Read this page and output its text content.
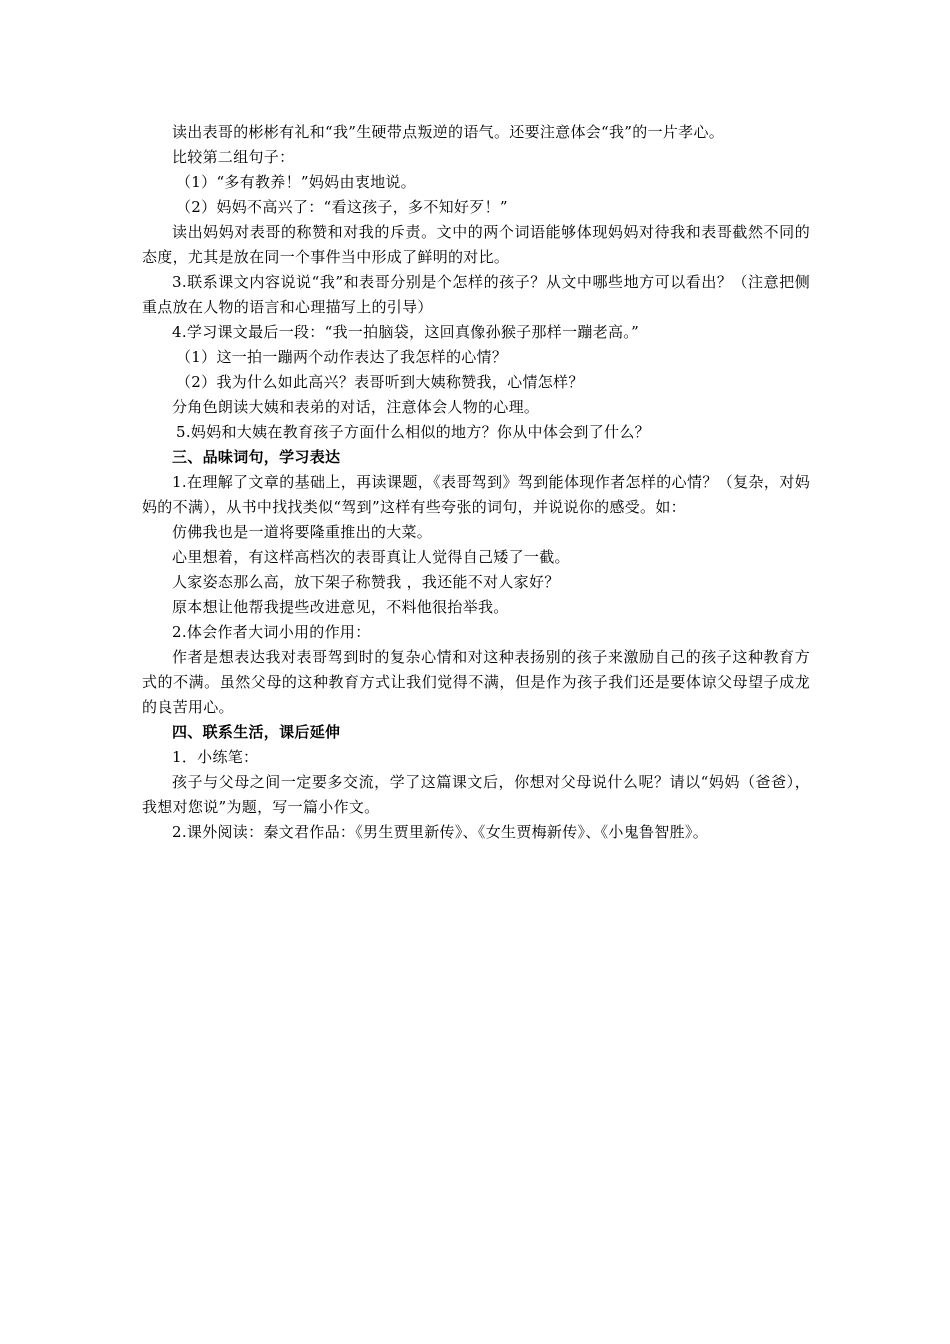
读出表哥的彬彬有礼和“我”生硬带点叛逆的语气。还要注意体会“我”的一片孝心。

比较第二组句子：

（1）“多有教养！”妈妈由衷地说。

（2）妈妈不高兴了：“看这孩子，多不知好歹！”

读出妈妈对表哥的称赞和对我的斥责。文中的两个词语能够体现妈妈对待我和表哥截然不同的态度，尤其是放在同一个事件当中形成了鲜明的对比。

3.联系课文内容说说“我”和表哥分别是个怎样的孩子？从文中哪些地方可以看出？（注意把侧重点放在人物的语言和心理描写上的引导）

4.学习课文最后一段：“我一拍脑袋，这回真像孙猴子那样一蹦老高。”

（1）这一拍一蹦两个动作表达了我怎样的心情？

（2）我为什么如此高兴？表哥听到大姨称赞我，心情怎样？

分角色朗读大姨和表弟的对话，注意体会人物的心理。

5.妈妈和大姨在教育孩子方面什么相似的地方？你从中体会到了什么？

三、品味词句，学习表达

1.在理解了文章的基础上，再读课题，《表哥驾到》驾到能体现作者怎样的心情？（复杂，对妈妈的不满），从书中找找类似“驾到”这样有些夸张的词句，并说说你的感受。如：

仿佛我也是一道将要隆重推出的大菜。

心里想着，有这样高档次的表哥真让人觉得自己矮了一截。

人家姿态那么高，放下架子称赞我 ，我还能不对人家好？

原本想让他帮我提些改进意见，不料他很抬举我。

2.体会作者大词小用的作用：

作者是想表达我对表哥驾到时的复杂心情和对这种表扬别的孩子来激励自己的孩子这种教育方式的不满。虽然父母的这种教育方式让我们觉得不满，但是作为孩子我们还是要体谅父母望子成龙的良苦用心。

四、联系生活，课后延伸

1．小练笔：

孩子与父母之间一定要多交流，学了这篇课文后，你想对父母说什么呢？请以“妈妈（爸爸），我想对您说”为题，写一篇小作文。

2.课外阅读：秦文君作品：《男生贾里新传》、《女生贾梅新传》、《小鬼鲁智胜》。
